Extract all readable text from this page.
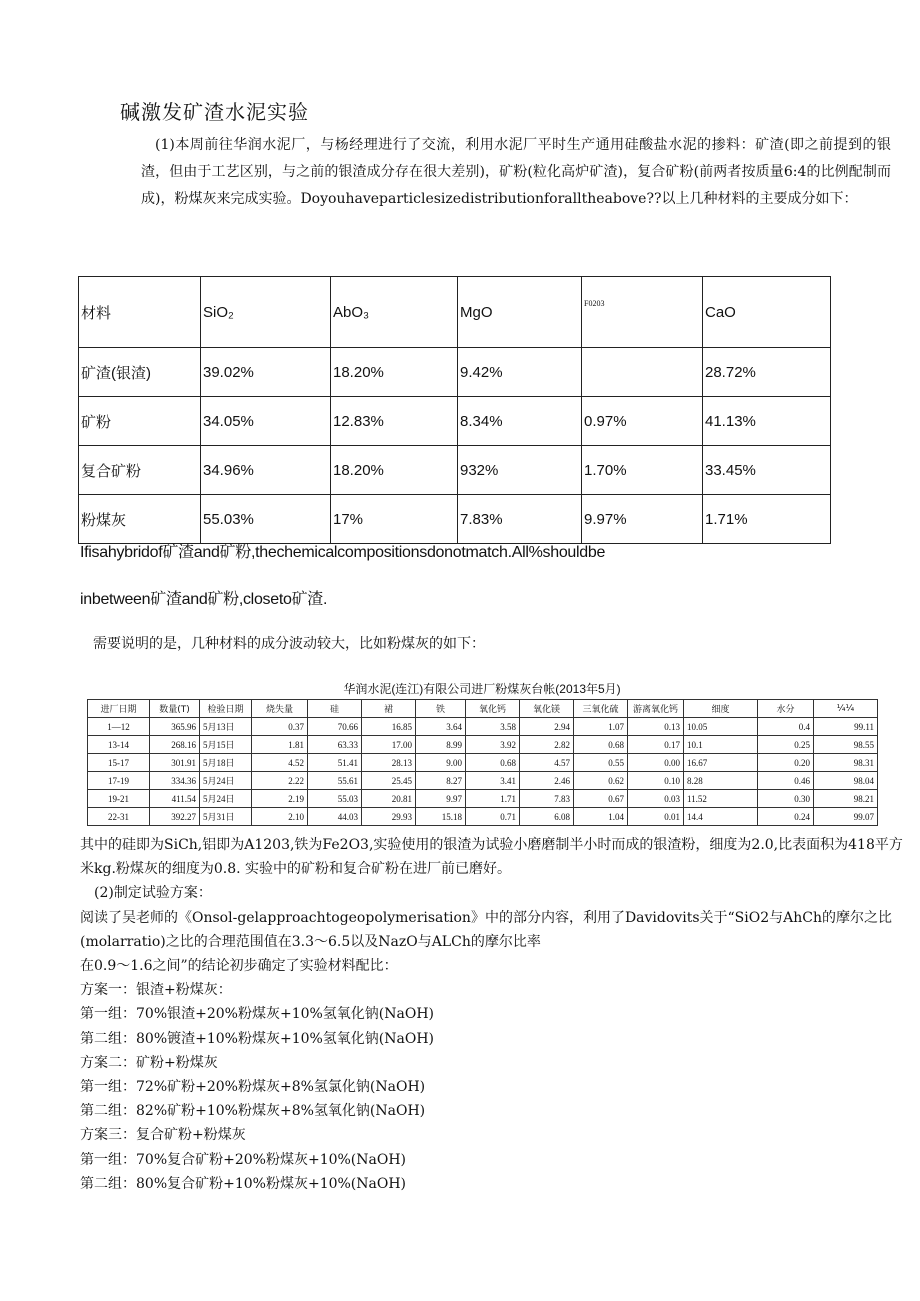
碱激发矿渣水泥实验
(1)本周前往华润水泥厂，与杨经理进行了交流，利用水泥厂平时生产通用硅酸盐水泥的掺料：矿渣(即之前提到的银渣，但由于工艺区别，与之前的银渣成分存在很大差别)，矿粉(粒化高炉矿渣)，复合矿粉(前两者按质量6:4的比例配制而成)，粉煤灰来完成实验。Doyouhaveparticlesizedistributionforalltheabove??以上几种材料的主要成分如下：
材料	SiO₂	AbO₃	MgO	F0203	CaO
矿渣(银渣)	39.02%	18.20%	9.42%		28.72%
矿粉	34.05%	12.83%	8.34%	0.97%	41.13%
复合矿粉	34.96%	18.20%	932%	1.70%	33.45%
粉煤灰	55.03%	17%	7.83%	9.97%	1.71%
Ifisahybridof矿渣and矿粉,thechemicalcompositionsdonotmatch.All%shouldbe
inbetween矿渣and矿粉,closeto矿渣.
需要说明的是，几种材料的成分波动较大，比如粉煤灰的如下：
华润水泥(连江)有限公司进厂粉煤灰台帐(2013年5月)
进厂日期	数量(T)	检验日期	烧失量	硅	裙	铁	氧化钙	氧化镁	三氧化硫	游离氧化钙	细度	水分	¼¼
1—12	365.96	5月13日	0.37	70.66	16.85	3.64	3.58	2.94	1.07	0.13	10.05	0.4	99.11
13-14	268.16	5月15日	1.81	63.33	17.00	8.99	3.92	2.82	0.68	0.17	10.1	0.25	98.55
15-17	301.91	5月18日	4.52	51.41	28.13	9.00	0.68	4.57	0.55	0.00	16.67	0.20	98.31
17-19	334.36	5月24日	2.22	55.61	25.45	8.27	3.41	2.46	0.62	0.10	8.28	0.46	98.04
19-21	411.54	5月24日	2.19	55.03	20.81	9.97	1.71	7.83	0.67	0.03	11.52	0.30	98.21
22-31	392.27	5月31日	2.10	44.03	29.93	15.18	0.71	6.08	1.04	0.01	14.4	0.24	99.07
其中的硅即为SiCh,铝即为A1203,铁为Fe2O3,实验使用的银渣为试验小磨磨制半小时而成的银渣粉，细度为2.0,比表面积为418平方米kg.粉煤灰的细度为0.8. 实验中的矿粉和复合矿粉在进厂前已磨好。
(2)制定试验方案：
阅读了吴老师的《Onsol-gelapproachtogeopolymerisation》中的部分内容，利用了Davidovits关于“SiO2与AhCh的摩尔之比(molarratio)之比的合理范围值在3.3～6.5以及NazO与ALCh的摩尔比率
在0.9～1.6之间”的结论初步确定了实验材料配比：
方案一：银渣+粉煤灰：
第一组：70%银渣+20%粉煤灰+10%氢氧化钠(NaOH)
第二组：80%镀渣+10%粉煤灰+10%氢氧化钠(NaOH)
方案二：矿粉+粉煤灰
第一组：72%矿粉+20%粉煤灰+8%氢氯化钠(NaOH)
第二组：82%矿粉+10%粉煤灰+8%氢氧化钠(NaOH)
方案三：复合矿粉+粉煤灰
第一组：70%复合矿粉+20%粉煤灰+10%(NaOH)
第二组：80%复合矿粉+10%粉煤灰+10%(NaOH)
